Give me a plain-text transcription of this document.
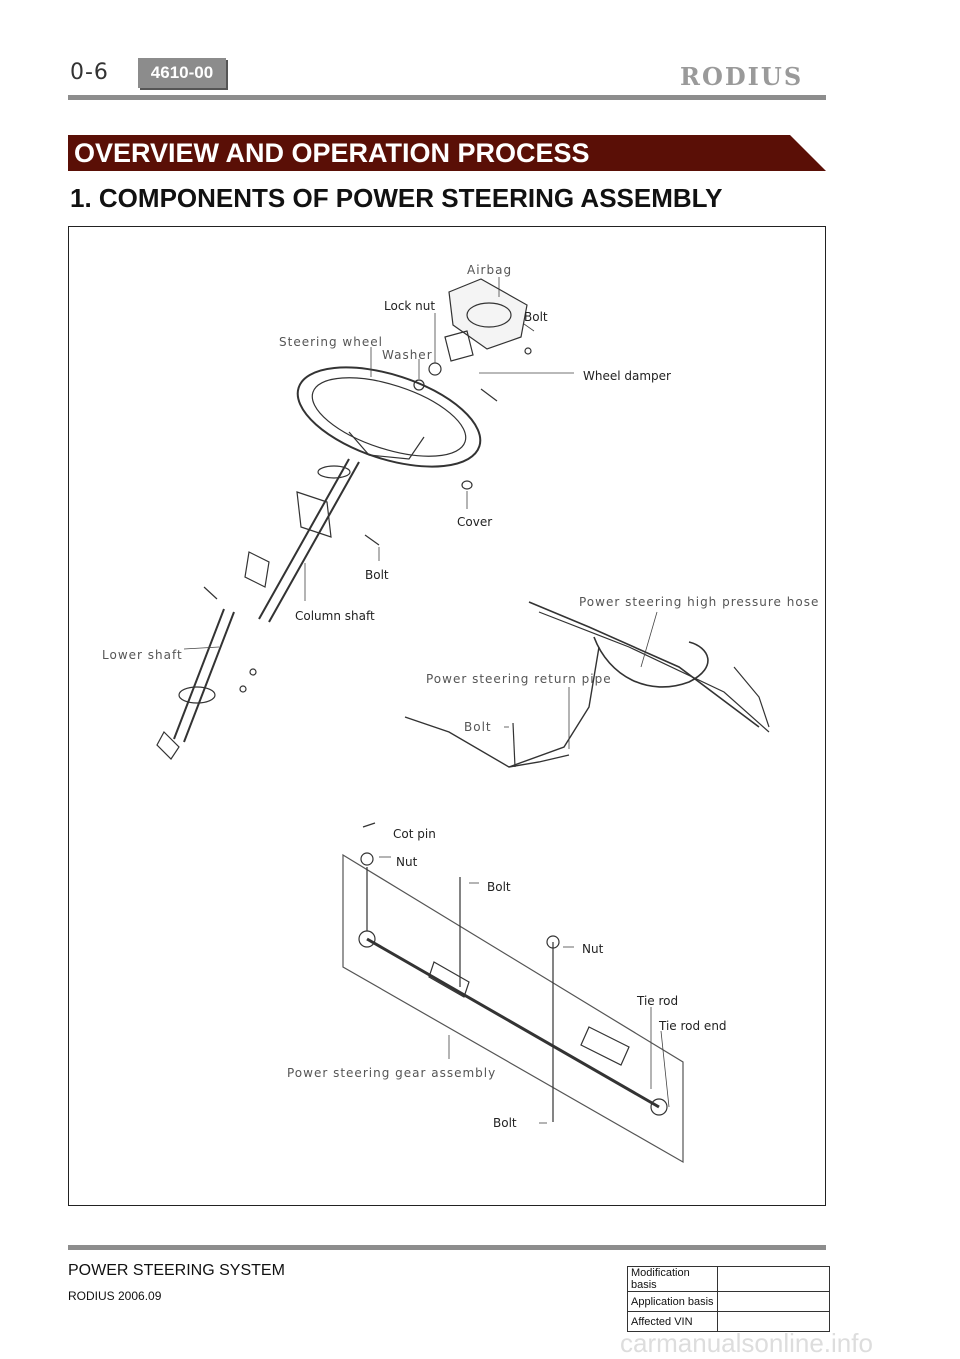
0-6	4610-00	RODIUS
OVERVIEW AND OPERATION PROCESS
1. COMPONENTS OF POWER STEERING ASSEMBLY
Airbag
Lock nut
Bolt
Steering wheel
Washer
Wheel damper
Cover
Bolt
Column shaft
Lower shaft
Power steering high pressure hose
Power steering return pipe
Bolt
Cot pin
Nut
Bolt
Nut
Tie rod
Tie rod end
Power steering gear assembly
Bolt
POWER STEERING SYSTEM
RODIUS 2006.09
Modification basis	
Application basis	
Affected VIN	
carmanualsonline.info
